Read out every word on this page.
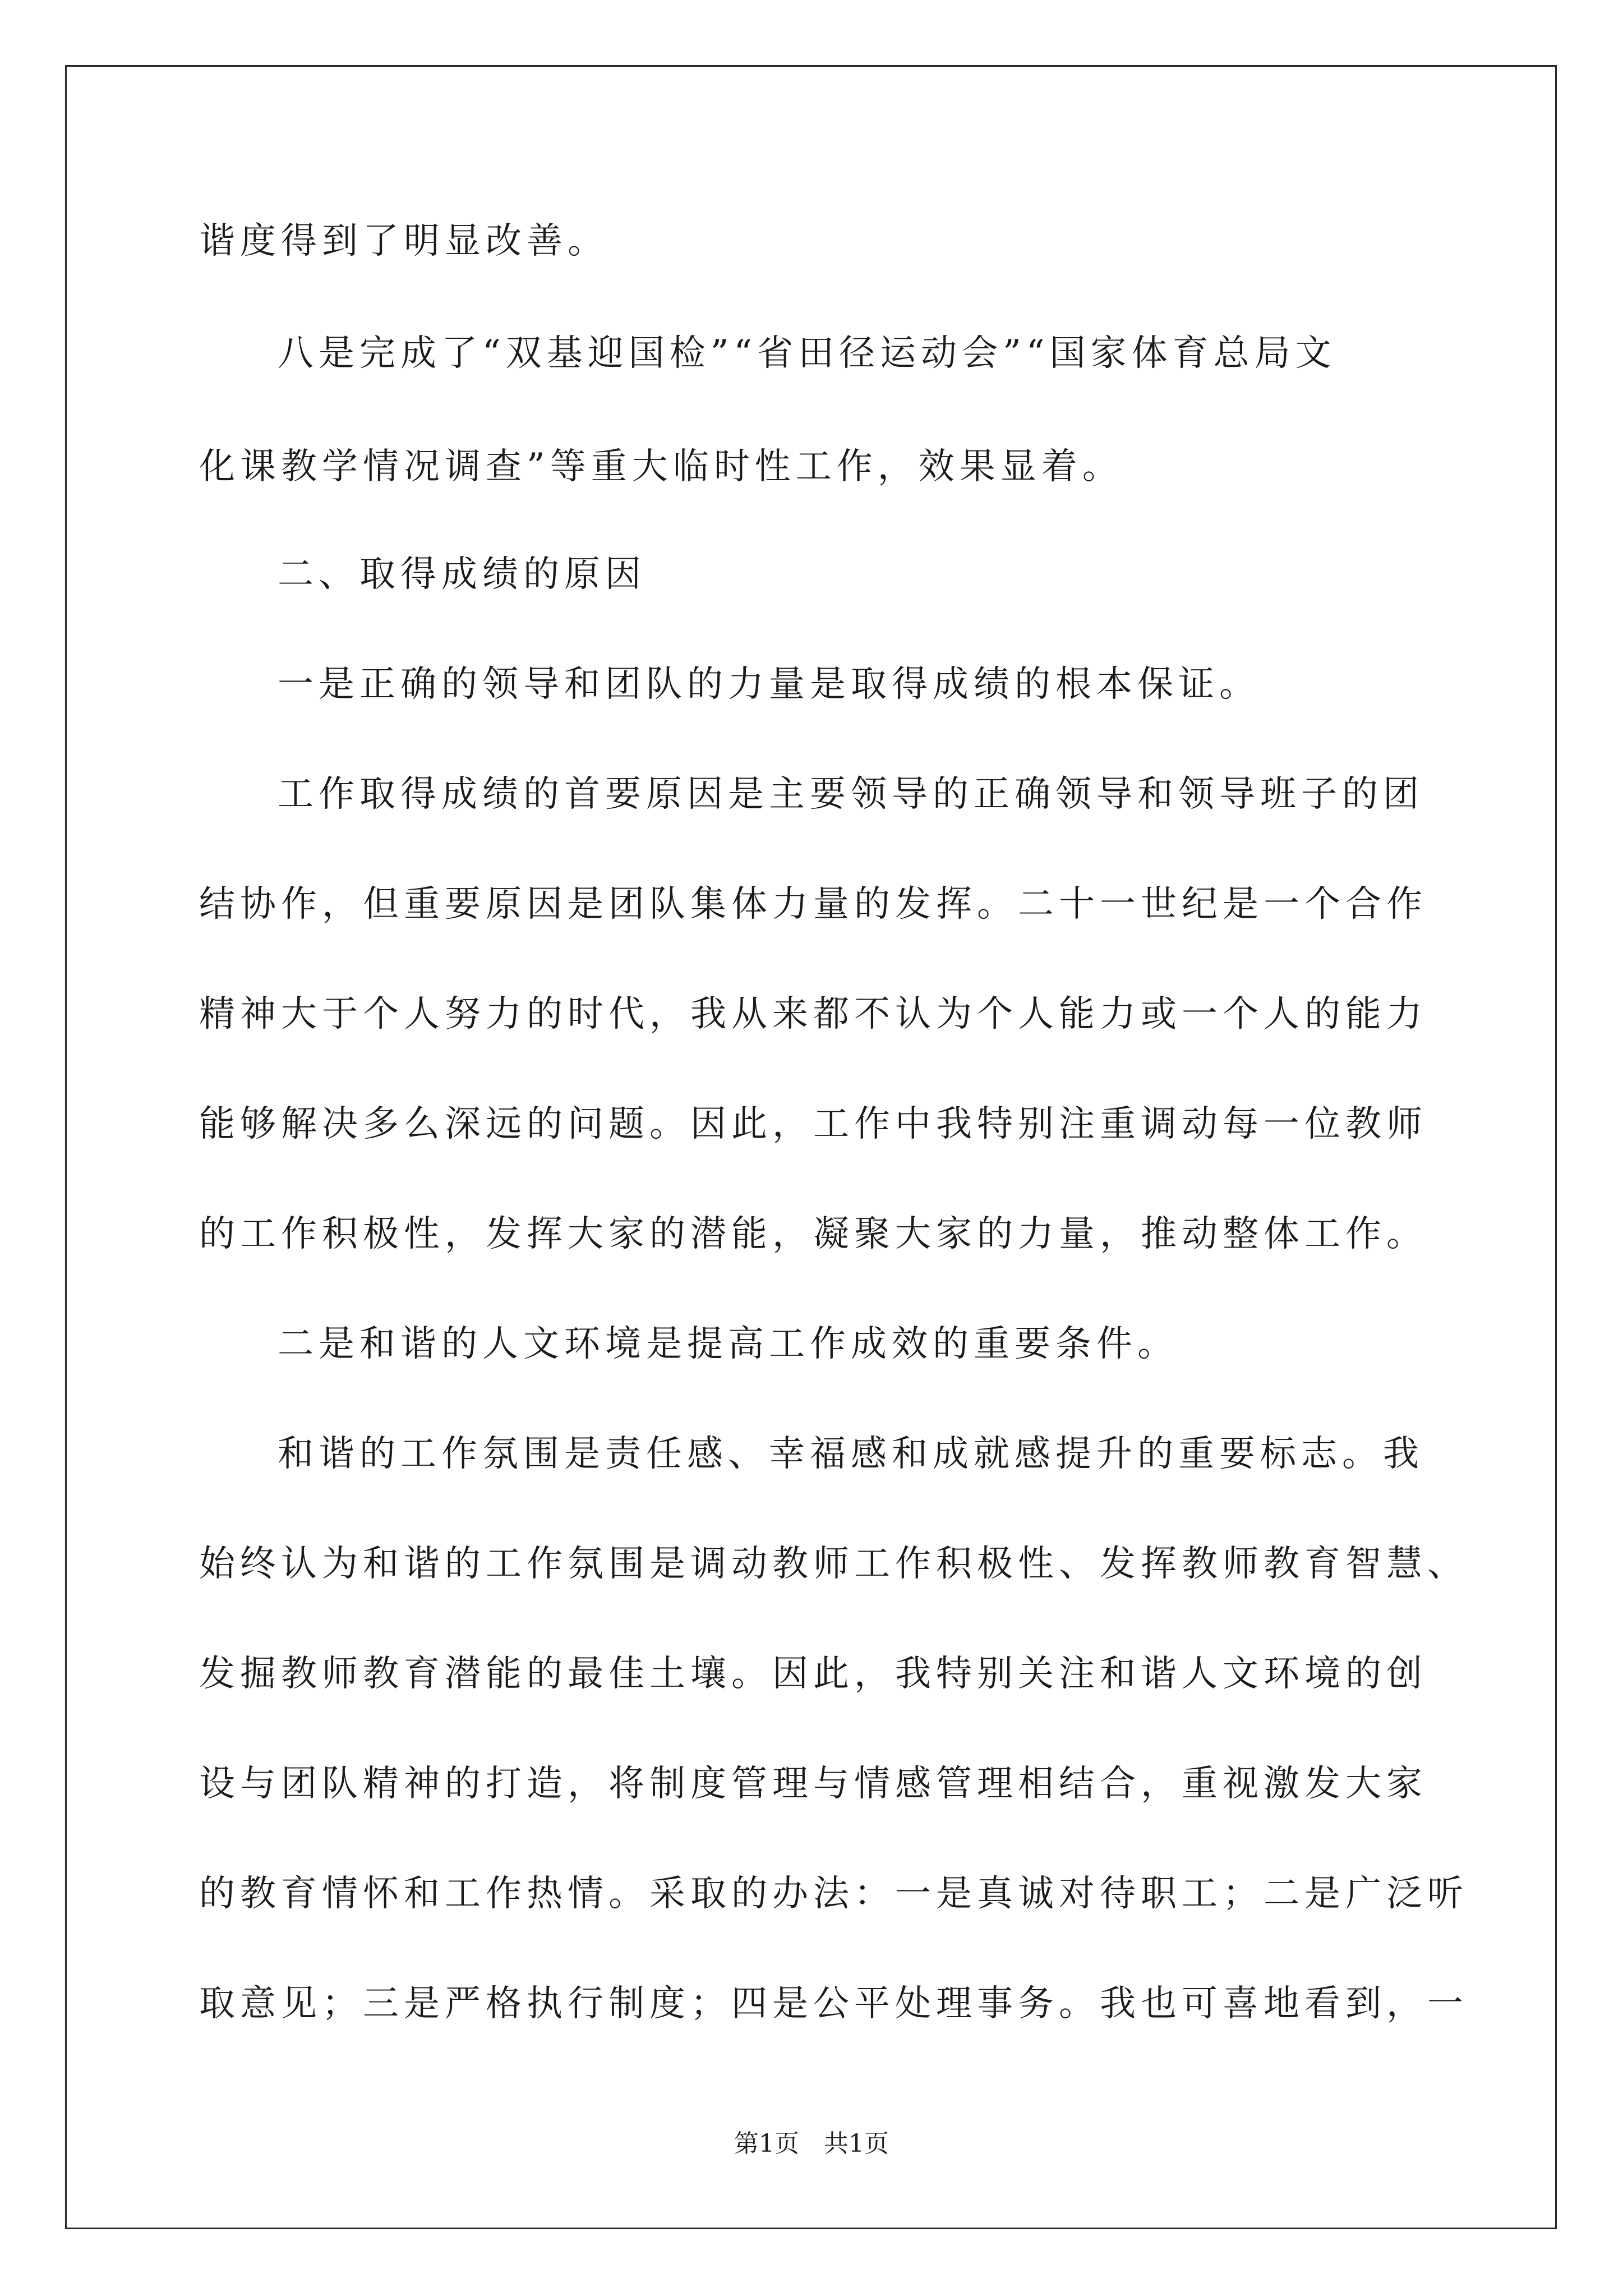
谐度得到了明显改善。
八是完成了“双基迎国检”“省田径运动会”“国家体育总局文
化课教学情况调查”等重大临时性工作，效果显着。
二、取得成绩的原因
一是正确的领导和团队的力量是取得成绩的根本保证。
工作取得成绩的首要原因是主要领导的正确领导和领导班子的团
结协作，但重要原因是团队集体力量的发挥。二十一世纪是一个合作
精神大于个人努力的时代，我从来都不认为个人能力或一个人的能力
能够解决多么深远的问题。因此，工作中我特别注重调动每一位教师
的工作积极性，发挥大家的潜能，凝聚大家的力量，推动整体工作。
二是和谐的人文环境是提高工作成效的重要条件。
和谐的工作氛围是责任感、幸福感和成就感提升的重要标志。我
始终认为和谐的工作氛围是调动教师工作积极性、发挥教师教育智慧、
发掘教师教育潜能的最佳土壤。因此，我特别关注和谐人文环境的创
设与团队精神的打造，将制度管理与情感管理相结合，重视激发大家
的教育情怀和工作热情。采取的办法：一是真诚对待职工；二是广泛听
取意见；三是严格执行制度；四是公平处理事务。我也可喜地看到，一
第1页　共1页
